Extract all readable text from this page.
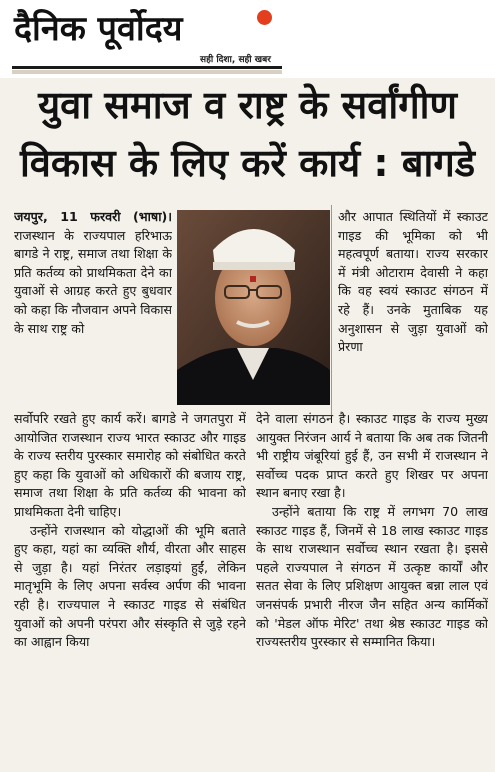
दैनिक पूर्वोदय
सही दिशा, सही खबर
युवा समाज व राष्ट्र के सर्वांगीण
विकास के लिए करें कार्य : बागडे

जयपुर, 11 फरवरी (भाषा)। राजस्थान के राज्यपाल हरिभाऊ बागडे ने राष्ट्र, समाज तथा शिक्षा के प्रति कर्तव्य को प्राथमिकता देने का युवाओं से आग्रह करते हुए बुधवार को कहा कि नौजवान अपने विकास के साथ राष्ट्र को

और आपात स्थितियों में स्काउट गाइड की भूमिका को भी महत्वपूर्ण बताया। राज्य सरकार में मंत्री ओटाराम देवासी ने कहा कि वह स्वयं स्काउट संगठन में रहे हैं। उनके मुताबिक यह अनुशासन से जुड़ा युवाओं को प्रेरणा

सर्वोपरि रखते हुए कार्य करें। बागडे ने जगतपुरा में आयोजित राजस्थान राज्य भारत स्काउट और गाइड के राज्य स्तरीय पुरस्कार समारोह को संबोधित करते हुए कहा कि युवाओं को अधिकारों की बजाय राष्ट्र, समाज तथा शिक्षा के प्रति कर्तव्य की भावना को प्राथमिकता देनी चाहिए।

उन्होंने राजस्थान को योद्धाओं की भूमि बताते हुए कहा, यहां का व्यक्ति शौर्य, वीरता और साहस से जुड़ा है। यहां निरंतर लड़ाइयां हुईं, लेकिन मातृभूमि के लिए अपना सर्वस्व अर्पण की भावना रही है। राज्यपाल ने स्काउट गाइड से संबंधित युवाओं को अपनी परंपरा और संस्कृति से जुड़े रहने का आह्वान किया

देने वाला संगठन है। स्काउट गाइड के राज्य मुख्य आयुक्त निरंजन आर्य ने बताया कि अब तक जितनी भी राष्ट्रीय जंबूरियां हुई हैं, उन सभी में राजस्थान ने सर्वोच्च पदक प्राप्त करते हुए शिखर पर अपना स्थान बनाए रखा है।

उन्होंने बताया कि राष्ट्र में लगभग 70 लाख स्काउट गाइड हैं, जिनमें से 18 लाख स्काउट गाइड के साथ राजस्थान सर्वोच्च स्थान रखता है। इससे पहले राज्यपाल ने संगठन में उत्कृष्ट कार्यों और सतत सेवा के लिए प्रशिक्षण आयुक्त बन्ना लाल एवं जनसंपर्क प्रभारी नीरज जैन सहित अन्य कार्मिकों को 'मेडल ऑफ मेरिट' तथा श्रेष्ठ स्काउट गाइड को राज्यस्तरीय पुरस्कार से सम्मानित किया।
